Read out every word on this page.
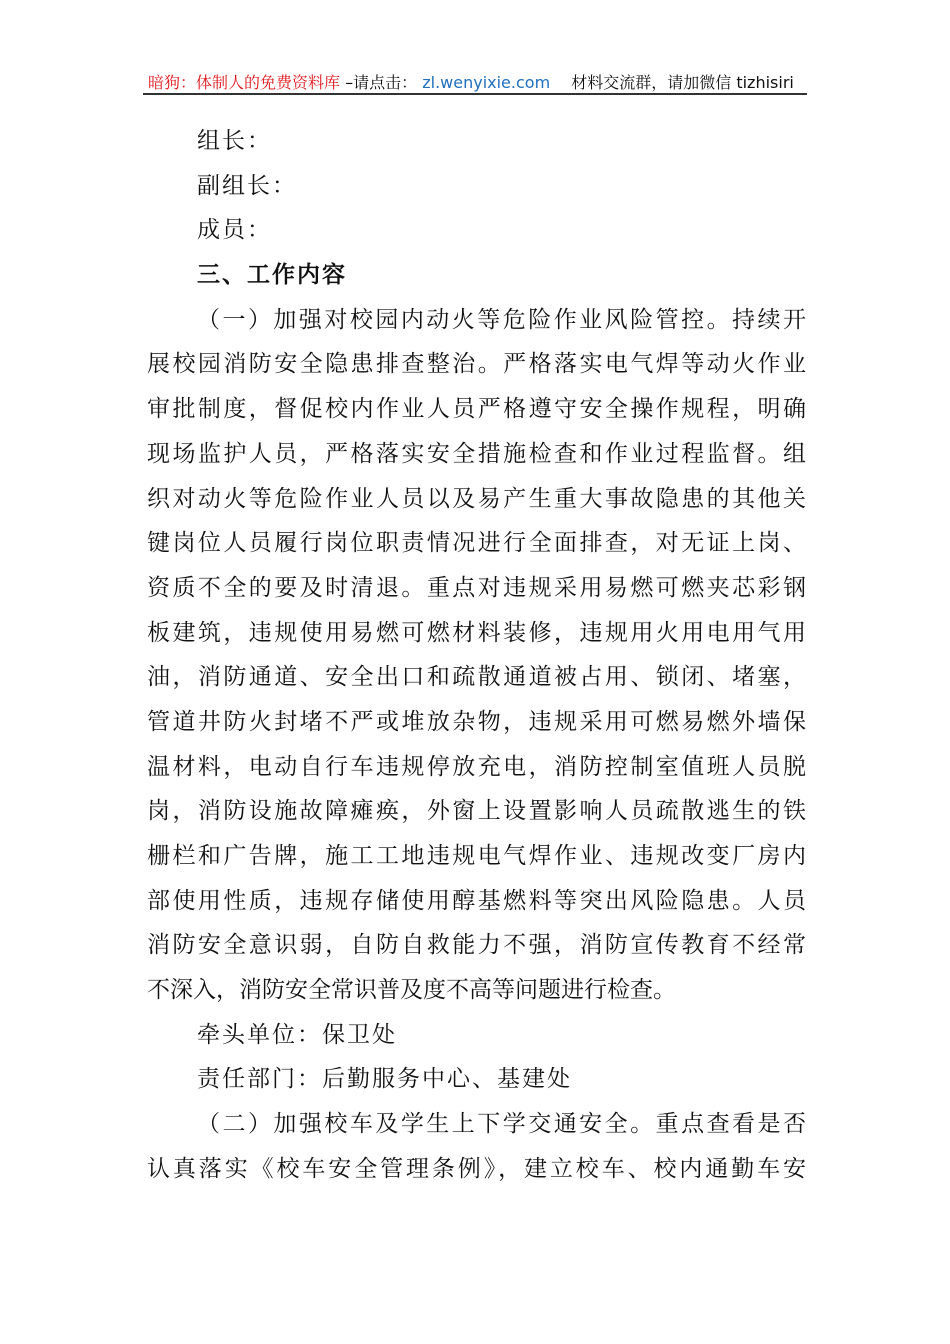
暗狗：体制人的免费资料库 –请点击： zl.wenyixie.com 材料交流群，请加微信 tizhisiri
组长：
副组长：
成员：
三、工作内容
（一）加强对校园内动火等危险作业风险管控。持续开
展校园消防安全隐患排查整治。严格落实电气焊等动火作业
审批制度，督促校内作业人员严格遵守安全操作规程，明确
现场监护人员，严格落实安全措施检查和作业过程监督。组
织对动火等危险作业人员以及易产生重大事故隐患的其他关
键岗位人员履行岗位职责情况进行全面排查，对无证上岗、
资质不全的要及时清退。重点对违规采用易燃可燃夹芯彩钢
板建筑，违规使用易燃可燃材料装修，违规用火用电用气用
油，消防通道、安全出口和疏散通道被占用、锁闭、堵塞，
管道井防火封堵不严或堆放杂物，违规采用可燃易燃外墙保
温材料，电动自行车违规停放充电，消防控制室值班人员脱
岗，消防设施故障瘫痪，外窗上设置影响人员疏散逃生的铁
栅栏和广告牌，施工工地违规电气焊作业、违规改变厂房内
部使用性质，违规存储使用醇基燃料等突出风险隐患。人员
消防安全意识弱，自防自救能力不强，消防宣传教育不经常
不深入，消防安全常识普及度不高等问题进行检查。
牵头单位：保卫处
责任部门：后勤服务中心、基建处
（二）加强校车及学生上下学交通安全。重点查看是否
认真落实《校车安全管理条例》，建立校车、校内通勤车安
